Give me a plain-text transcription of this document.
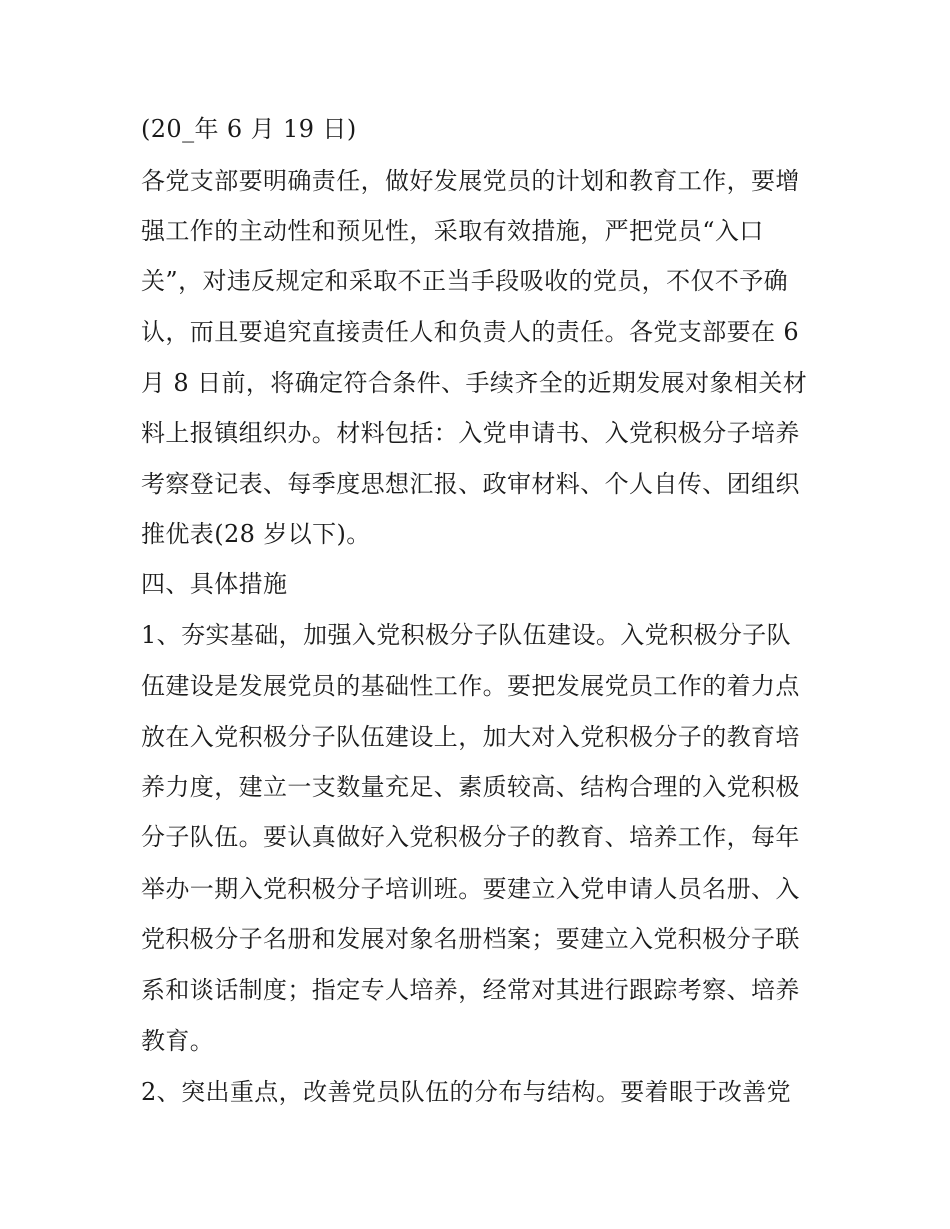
(20_年 6 月 19 日)
各党支部要明确责任，做好发展党员的计划和教育工作，要增
强工作的主动性和预见性，采取有效措施，严把党员“入口
关”，对违反规定和采取不正当手段吸收的党员，不仅不予确
认，而且要追究直接责任人和负责人的责任。各党支部要在 6
月 8 日前，将确定符合条件、手续齐全的近期发展对象相关材
料上报镇组织办。材料包括：入党申请书、入党积极分子培养
考察登记表、每季度思想汇报、政审材料、个人自传、团组织
推优表(28 岁以下)。
四、具体措施
1、夯实基础，加强入党积极分子队伍建设。入党积极分子队
伍建设是发展党员的基础性工作。要把发展党员工作的着力点
放在入党积极分子队伍建设上，加大对入党积极分子的教育培
养力度，建立一支数量充足、素质较高、结构合理的入党积极
分子队伍。要认真做好入党积极分子的教育、培养工作，每年
举办一期入党积极分子培训班。要建立入党申请人员名册、入
党积极分子名册和发展对象名册档案；要建立入党积极分子联
系和谈话制度；指定专人培养，经常对其进行跟踪考察、培养
教育。
2、突出重点，改善党员队伍的分布与结构。要着眼于改善党
